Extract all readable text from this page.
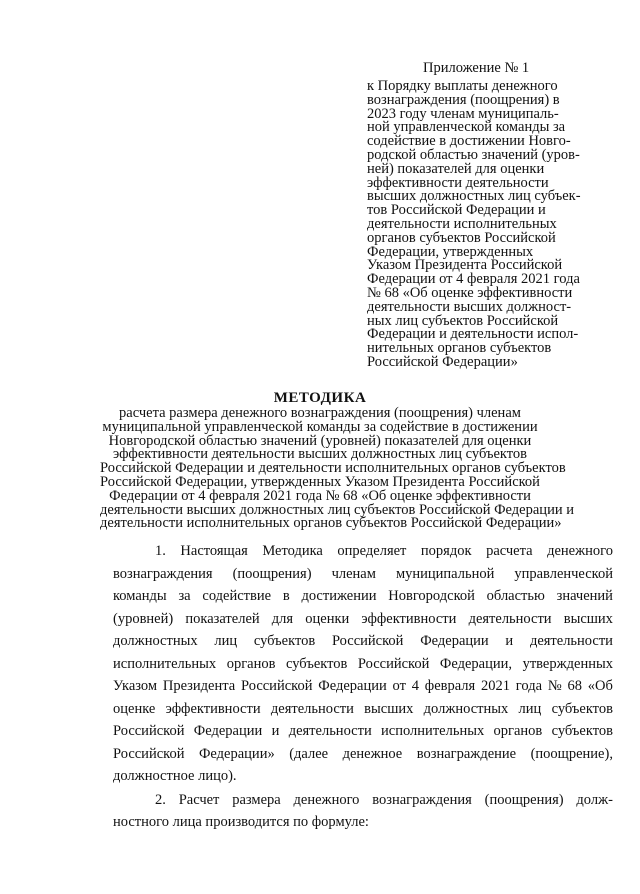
Приложение № 1
к Порядку выплаты денежного
вознаграждения (поощрения) в
2023 году членам муниципаль-
ной управленческой команды за
содействие в достижении Новго-
родской областью значений (уров-
ней) показателей для оценки
эффективности деятельности
высших должностных лиц субъек-
тов Российской Федерации и
деятельности исполнительных
органов субъектов Российской
Федерации, утвержденных
Указом Президента Российской
Федерации от 4 февраля 2021 года
№ 68 «Об оценке эффективности
деятельности высших должност-
ных лиц субъектов Российской
Федерации и деятельности испол-
нительных органов субъектов
Российской Федерации»
МЕТОДИКА
расчета размера денежного вознаграждения (поощрения) членам
муниципальной управленческой команды за содействие в достижении
Новгородской областью значений (уровней) показателей для оценки
эффективности деятельности высших должностных лиц субъектов
Российской Федерации и деятельности исполнительных органов субъектов
Российской Федерации, утвержденных Указом Президента Российской
Федерации от 4 февраля 2021 года № 68 «Об оценке эффективности
деятельности высших должностных лиц субъектов Российской Федерации и
деятельности исполнительных органов субъектов Российской Федерации»
1. Настоящая Методика определяет порядок расчета денежного
вознаграждения (поощрения) членам муниципальной управленческой
команды за содействие в достижении Новгородской областью значений
(уровней) показателей для оценки эффективности деятельности высших
должностных лиц субъектов Российской Федерации и деятельности
исполнительных органов субъектов Российской Федерации, утвержденных
Указом Президента Российской Федерации от 4 февраля 2021 года № 68 «Об
оценке эффективности деятельности высших должностных лиц субъектов
Российской Федерации и деятельности исполнительных органов субъектов
Российской Федерации» (далее денежное вознаграждение (поощрение),
должностное лицо).
2. Расчет размера денежного вознаграждения (поощрения) долж-
ностного лица производится по формуле:
